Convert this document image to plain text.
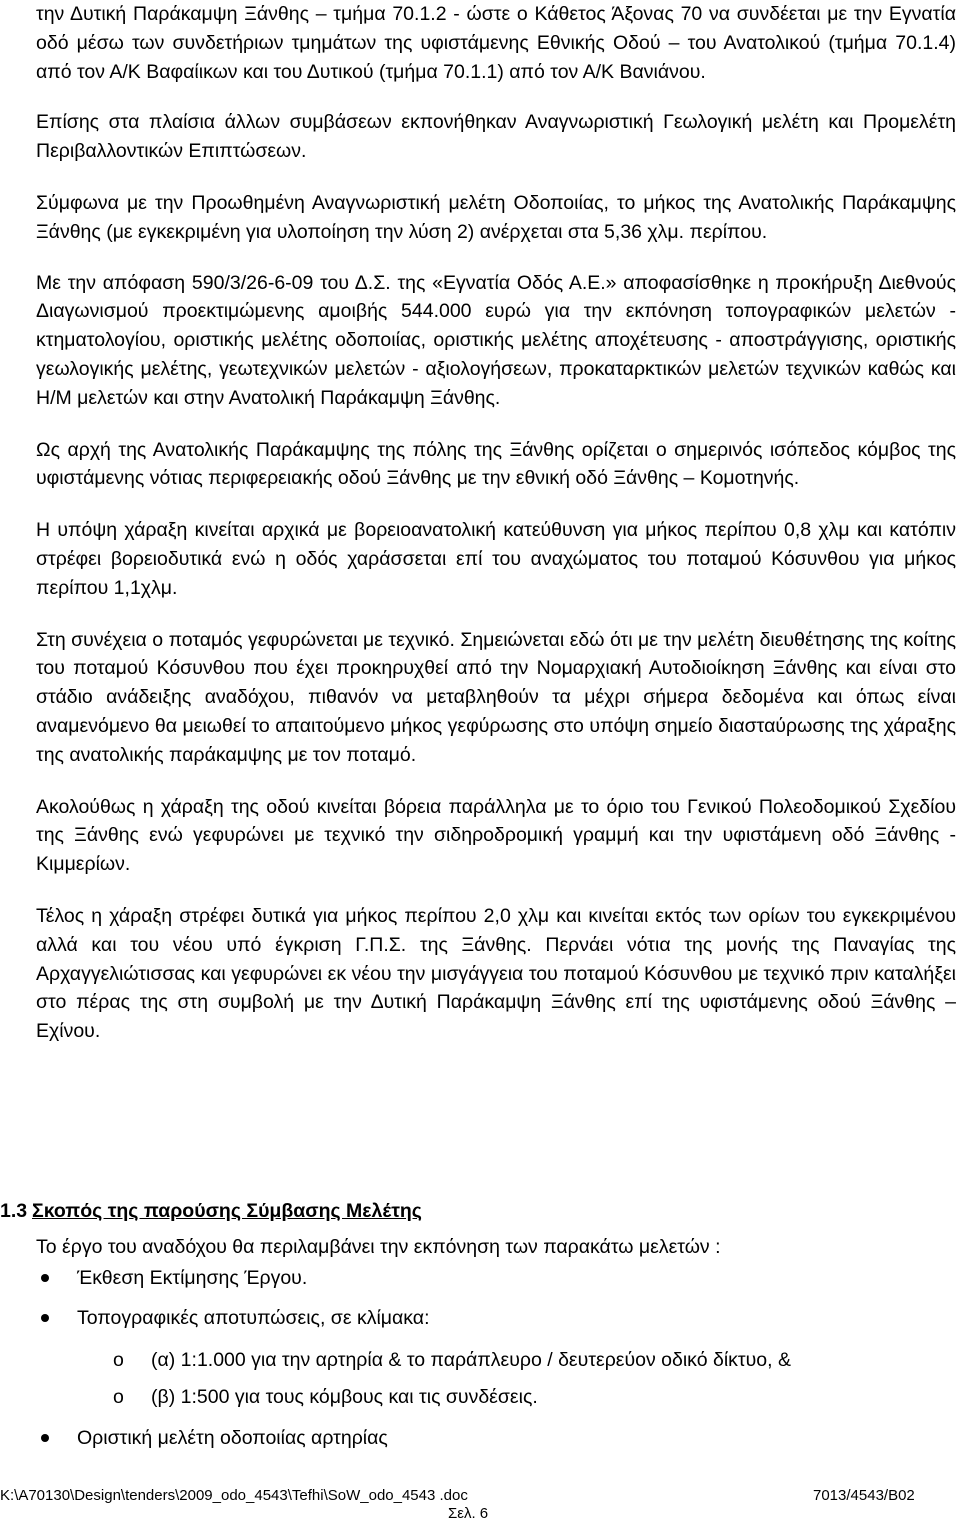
την Δυτική Παράκαμψη Ξάνθης – τμήμα 70.1.2 - ώστε ο Κάθετος Άξονας 70 να συνδέεται με την Εγνατία οδό μέσω των συνδετήριων τμημάτων της υφιστάμενης Εθνικής Οδού – του Ανατολικού (τμήμα 70.1.4) από τον Α/Κ Βαφαίικων και του Δυτικού (τμήμα 70.1.1) από τον Α/Κ Βανιάνου.

Επίσης στα πλαίσια άλλων συμβάσεων εκπονήθηκαν Αναγνωριστική Γεωλογική μελέτη και Προμελέτη Περιβαλλοντικών Επιπτώσεων.

Σύμφωνα με την Προωθημένη Αναγνωριστική μελέτη Οδοποιίας, το μήκος της Ανατολικής Παράκαμψης Ξάνθης (με εγκεκριμένη για υλοποίηση την λύση 2) ανέρχεται στα 5,36 χλμ. περίπου.

Με την απόφαση 590/3/26-6-09 του Δ.Σ. της «Εγνατία Οδός Α.Ε.» αποφασίσθηκε η προκήρυξη Διεθνούς Διαγωνισμού προεκτιμώμενης αμοιβής 544.000 ευρώ για την εκπόνηση τοπογραφικών μελετών - κτηματολογίου, οριστικής μελέτης οδοποιίας, οριστικής μελέτης αποχέτευσης - αποστράγγισης, οριστικής γεωλογικής μελέτης, γεωτεχνικών μελετών - αξιολογήσεων, προκαταρκτικών μελετών τεχνικών καθώς και Η/Μ μελετών και στην Ανατολική Παράκαμψη Ξάνθης.

Ως αρχή της Ανατολικής Παράκαμψης της πόλης της Ξάνθης ορίζεται ο σημερινός ισόπεδος κόμβος της υφιστάμενης νότιας περιφερειακής οδού Ξάνθης με την εθνική οδό Ξάνθης – Κομοτηνής.

Η υπόψη χάραξη κινείται αρχικά με βορειοανατολική κατεύθυνση για μήκος περίπου 0,8 χλμ και κατόπιν στρέφει βορειοδυτικά ενώ η οδός χαράσσεται επί του αναχώματος του ποταμού Κόσυνθου για μήκος περίπου 1,1χλμ.

Στη συνέχεια ο ποταμός γεφυρώνεται με τεχνικό. Σημειώνεται εδώ ότι με την μελέτη διευθέτησης της κοίτης του ποταμού Κόσυνθου που έχει προκηρυχθεί από την Νομαρχιακή Αυτοδιοίκηση Ξάνθης και είναι στο στάδιο ανάδειξης αναδόχου, πιθανόν να μεταβληθούν τα μέχρι σήμερα δεδομένα και όπως είναι αναμενόμενο θα μειωθεί το απαιτούμενο μήκος γεφύρωσης στο υπόψη σημείο διασταύρωσης της χάραξης της ανατολικής παράκαμψης με τον ποταμό.

Ακολούθως η χάραξη της οδού κινείται βόρεια παράλληλα με το όριο του Γενικού Πολεοδομικού Σχεδίου της Ξάνθης ενώ γεφυρώνει με τεχνικό την σιδηροδρομική γραμμή και την υφιστάμενη οδό Ξάνθης - Κιμμερίων.

Τέλος η χάραξη στρέφει δυτικά για μήκος περίπου 2,0 χλμ και κινείται εκτός των ορίων του εγκεκριμένου αλλά και του νέου υπό έγκριση Γ.Π.Σ. της Ξάνθης. Περνάει νότια της μονής της Παναγίας της Αρχαγγελιώτισσας και γεφυρώνει εκ νέου την μισγάγγεια του ποταμού Κόσυνθου με τεχνικό πριν καταλήξει στο πέρας της στη συμβολή με την Δυτική Παράκαμψη Ξάνθης επί της υφιστάμενης οδού Ξάνθης – Εχίνου.

1.3 Σκοπός της παρούσης Σύμβασης Μελέτης

Το έργο του αναδόχου θα περιλαμβάνει την εκπόνηση των παρακάτω μελετών :

Έκθεση Εκτίμησης Έργου.
Τοπογραφικές αποτυπώσεις, σε κλίμακα:
o (α) 1:1.000 για την αρτηρία & το παράπλευρο / δευτερεύον οδικό δίκτυο, &
o (β) 1:500 για τους κόμβους και τις συνδέσεις.
Οριστική μελέτη οδοποιίας αρτηρίας
K:\A70130\Design\tenders\2009_odo_4543\Tefhi\SoW_odo_4543 .doc	7013/4543/B02
Σελ. 6
